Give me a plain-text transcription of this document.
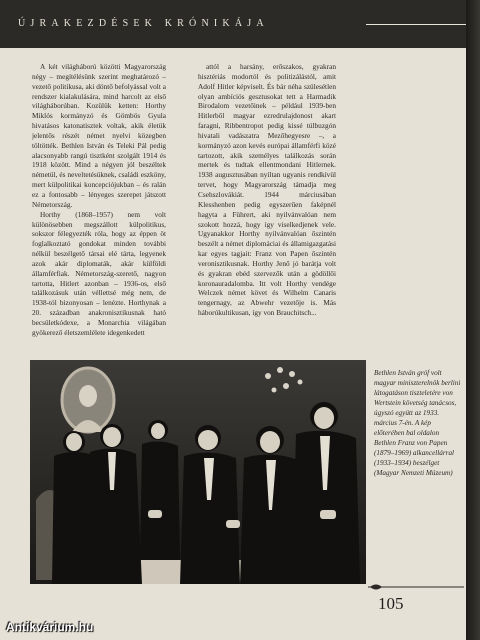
ÚJRAKEZDÉSEK KRÓNIKÁJA

A két világháború közötti Magyarország négy – megítélésünk szerint meghatározó – vezető politikusa, aki döntő befolyással volt a rendszer kialakulására, mind harcolt az első világháborúban. Kozülük ketten: Horthy Miklós kormányzó és Gömbös Gyula hivatásos katonatisztek voltak, akik életük jelentős részét német nyelvi közegben töltötték. Bethlen István és Teleki Pál pedig alacsonyabb rangú tisztként szolgált 1914 és 1918 között. Mind a négyen jól beszéltek németül, és neveltetésüknek, családi eszköny, mert külpolitikai koncepciójukban – és ralán ez a fontosabb – lényeges szerepet játszott Németország.

Horthy (1868–1957) nem volt különösebben megszállott külpolitikus, sokszor félegyezték róla, hogy az éppen öt foglalkoztató gondokat minden további nélkül beszélgető társai elé tárta, legyenek azok akár diplomaták, akár külföldi államférfiak. Németország-szerető, nagyon tartotta, Hitlert azonban – 1936-os, első találkozásuk után véllettsé még nem, de 1938-tól bizonyosan – lenézte. Horthynak a 20. században anakronisztikusnak ható becsületkódexe, a Monarchia világában gyökerező életszemlélete idegenkedett

attól a harsány, erőszakos, gyakran hisztériás modortól és politizálástól, amit Adolf Hitler képviselt. És bár néha szülesétlen olyan ambíciós gesztusokat tett a Harmadik Birodalom vezetőinek – például 1939-ben Hitlerből magyar ezredrulajdonost akart faragni, Ribbentropot pedig kissé túlbuzgón hivatali vadászatra Mezőhegyesre –, a kormányzó azon kevés európai államférfi közé tartozott, akik személyes találkozás során mertek és tudtak ellentmondani Hitlernek. 1938 augusztusában nyíltan ugyanis rendkívül tervet, hogy Magyarország támadja meg Csehszlovákiát. 1944 márciusában Klesshenben pedig egyszerűen faképnél hagyta a Führert, aki nyilvánvalóan nem szokott hozzá, hogy így viselkedjenek vele. Ugyanakkor Horthy nyilvánvalóan őszintén beszélt a német diplomáciai és államigazgatási kar egyes tagjait: Franz von Papen őszintén veronisztikusnak. Horthy Jenő jó barátja volt és gyakran ebéd szervezők után a gödöllői koronauradalomba. Itt volt Horthy vendége Welczek német követ és Wilhelm Canaris tengernagy, az Abwehr vezetője is. Más háborúkultikusan, így von Brauchitsch...

Bethlen István gróf volt magyar miniszterelnök berlini látogatáson tiszteletére von Wertstein követség tanácsos, úgyszó együtt az 1933. március 7-én. A kép előterében bal oldalon Bethlen Franz von Papen (1879–1969) alkancellárral (1933–1934) beszélget (Magyar Nemzeti Múzeum)
105
Antikvárium.hu
